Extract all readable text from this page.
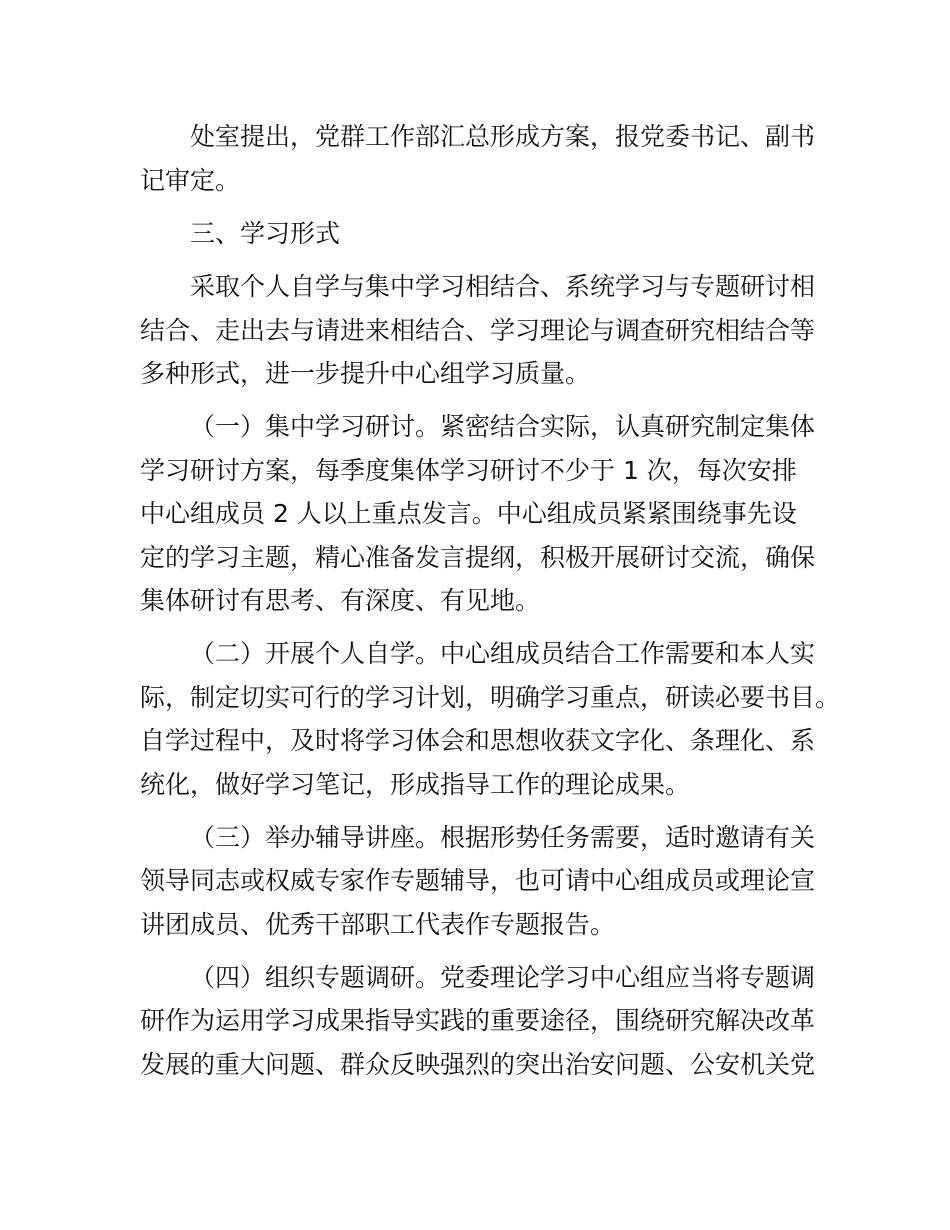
处室提出，党群工作部汇总形成方案，报党委书记、副书

记审定。

三、学习形式

采取个人自学与集中学习相结合、系统学习与专题研讨相

结合、走出去与请进来相结合、学习理论与调查研究相结合等

多种形式，进一步提升中心组学习质量。

（一）集中学习研讨。紧密结合实际，认真研究制定集体

学习研讨方案，每季度集体学习研讨不少于 1 次，每次安排

中心组成员 2 人以上重点发言。中心组成员紧紧围绕事先设

定的学习主题，精心准备发言提纲，积极开展研讨交流，确保

集体研讨有思考、有深度、有见地。

（二）开展个人自学。中心组成员结合工作需要和本人实

际，制定切实可行的学习计划，明确学习重点，研读必要书目。

自学过程中，及时将学习体会和思想收获文字化、条理化、系

统化，做好学习笔记，形成指导工作的理论成果。

（三）举办辅导讲座。根据形势任务需要，适时邀请有关

领导同志或权威专家作专题辅导，也可请中心组成员或理论宣

讲团成员、优秀干部职工代表作专题报告。

（四）组织专题调研。党委理论学习中心组应当将专题调

研作为运用学习成果指导实践的重要途径，围绕研究解决改革

发展的重大问题、群众反映强烈的突出治安问题、公安机关党
